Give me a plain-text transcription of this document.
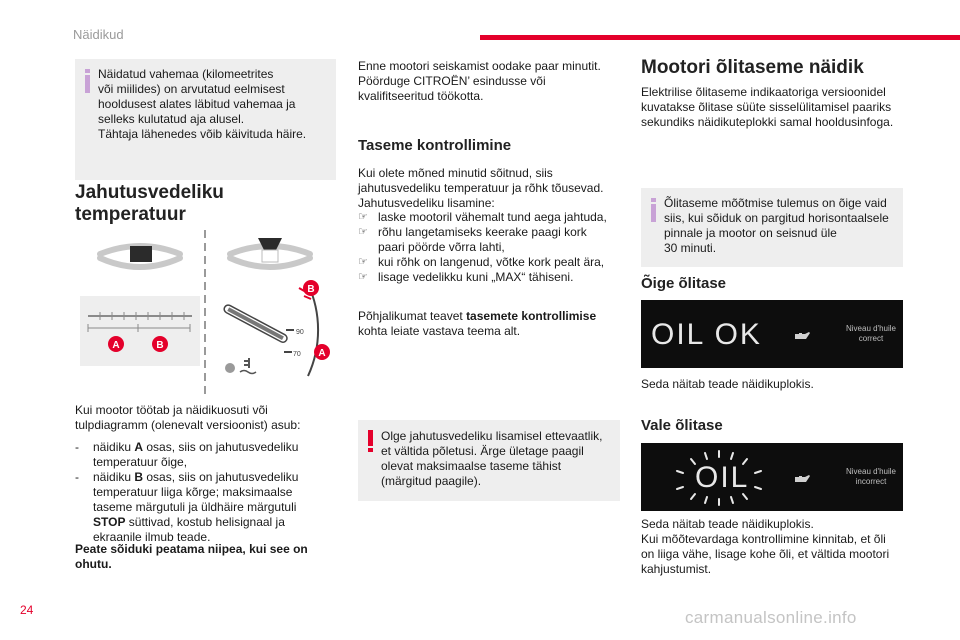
Näidikud
Näidatud vahemaa (kilomeetrites
või miilides) on arvutatud eelmisest
hooldusest alates läbitud vahemaa ja
selleks kulutatud aja alusel.
Tähtaja lähenedes võib käivituda häire.
Jahutusvedeliku
temperatuur
A	B
B
A
90
70
Kui mootor töötab ja näidikuosuti või
tulpdiagramm (olenevalt versioonist) asub:
- näidiku A osas, siis on jahutusvedeliku
temperatuur õige,
- näidiku B osas, siis on jahutusvedeliku
temperatuur liiga kõrge; maksimaalse
taseme märgutuli ja üldhäire märgutuli
STOP süttivad, kostub helisignaal ja
ekraanile ilmub teade.
Peate sõiduki peatama niipea, kui see on
ohutu.
Enne mootori seiskamist oodake paar minutit.
Pöörduge CITROËN’ esindusse või
kvalifitseeritud töökotta.
Taseme kontrollimine
Kui olete mõned minutid sõitnud, siis
jahutusvedeliku temperatuur ja rõhk tõusevad.
Jahutusvedeliku lisamine:
☞ laske mootoril vähemalt tund aega jahtuda,
☞ rõhu langetamiseks keerake paagi kork
paari pöörde võrra lahti,
☞ kui rõhk on langenud, võtke kork pealt ära,
☞ lisage vedelikku kuni „MAX“ tähiseni.

Põhjalikumat teavet tasemete kontrollimise
kohta leiate vastava teema alt.

Olge jahutusvedeliku lisamisel ettevaatlik,
et vältida põletusi. Ärge ületage paagil
olevat maksimaalse taseme tähist
(märgitud paagile).
Mootori õlitaseme näidik
Elektrilise õlitaseme indikaatoriga versioonidel
kuvatakse õlitase süüte sisselülitamisel paariks
sekundiks näidikuteplokki samal hooldusinfoga.
Õlitaseme mõõtmise tulemus on õige vaid
siis, kui sõiduk on pargitud horisontaalsele
pinnale ja mootor on seisnud üle
30 minuti.
Õige õlitase
OIL OK	Niveau d'huile
correct
Seda näitab teade näidikuplokis.
Vale õlitase
OIL	Niveau d'huile
incorrect
Seda näitab teade näidikuplokis.
Kui mõõtevardaga kontrollimine kinnitab, et õli
on liiga vähe, lisage kohe õli, et vältida mootori
kahjustumist.
24	carmanualsonline.info
